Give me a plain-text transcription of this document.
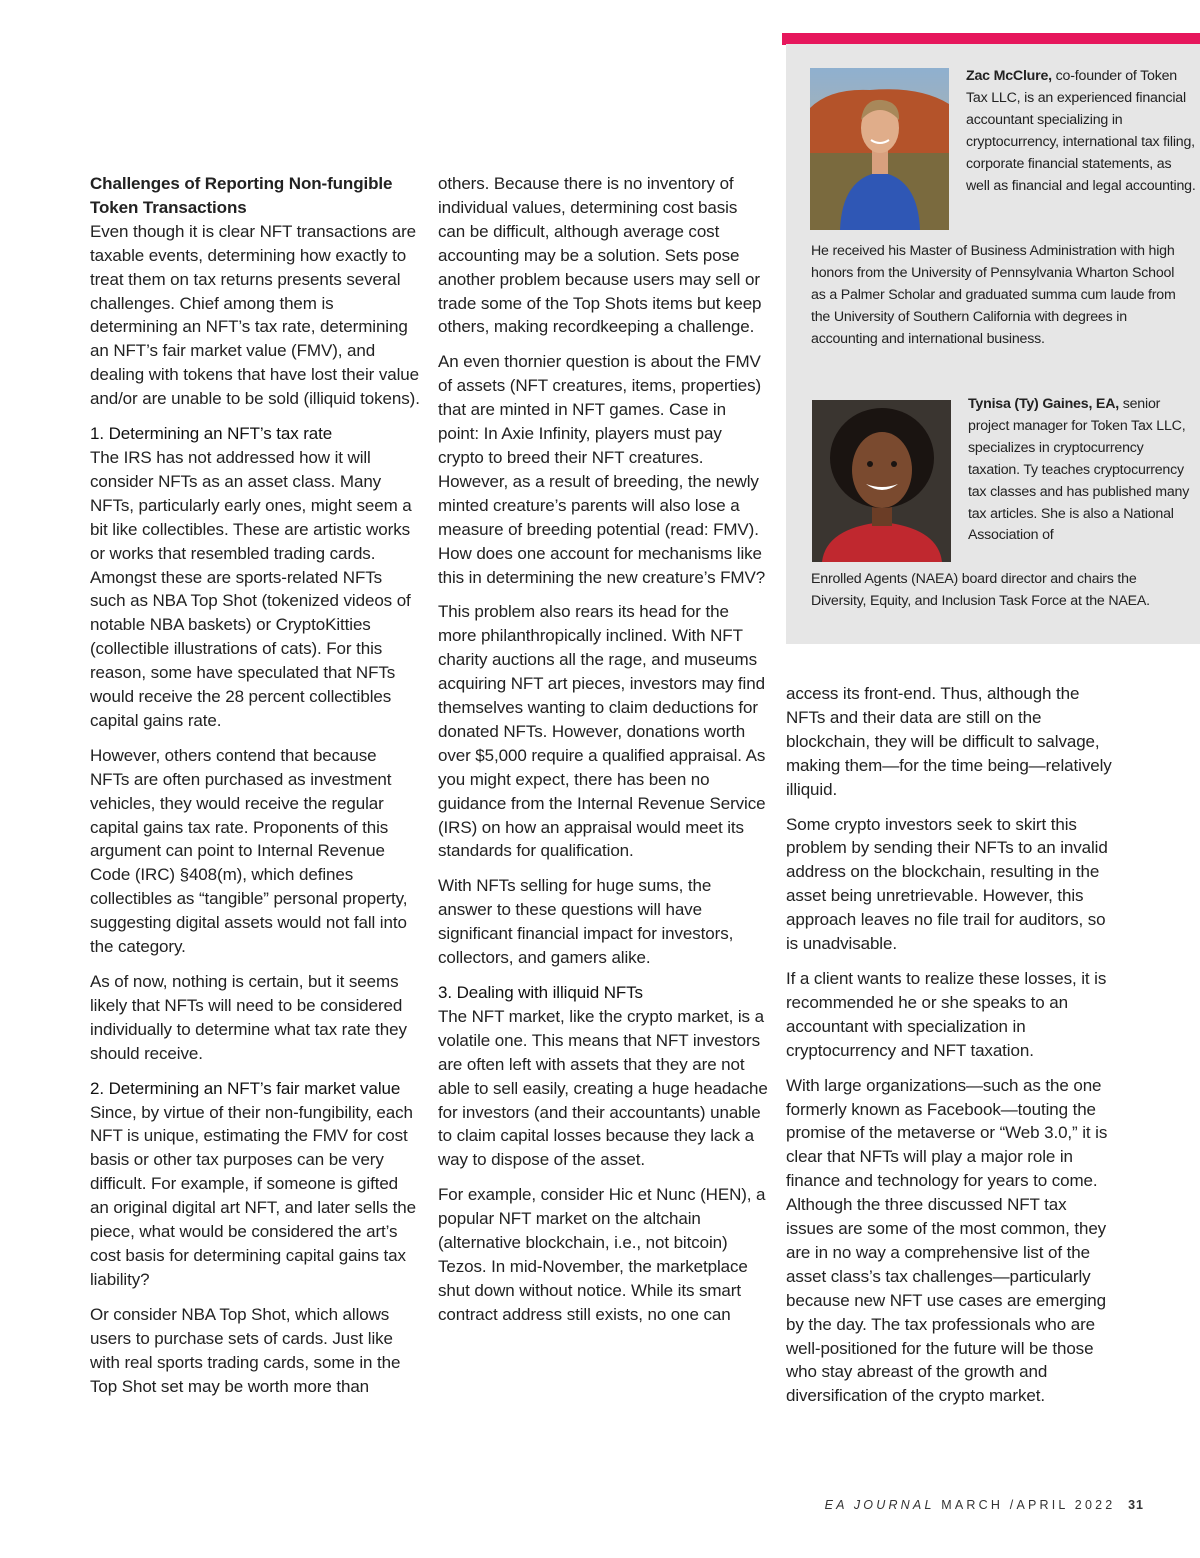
Challenges of Reporting Non-fungible Token Transactions

Even though it is clear NFT transactions are taxable events, determining how exactly to treat them on tax returns presents several challenges. Chief among them is determining an NFT’s tax rate, determining an NFT’s fair market value (FMV), and dealing with tokens that have lost their value and/or are unable to be sold (illiquid tokens).

1. Determining an NFT’s tax rate

The IRS has not addressed how it will consider NFTs as an asset class. Many NFTs, particularly early ones, might seem a bit like collectibles. These are artistic works or works that resembled trading cards. Amongst these are sports-related NFTs such as NBA Top Shot (tokenized videos of notable NBA baskets) or CryptoKitties (collectible illustrations of cats). For this reason, some have speculated that NFTs would receive the 28 percent collectibles capital gains rate.

However, others contend that because NFTs are often purchased as investment vehicles, they would receive the regular capital gains tax rate. Proponents of this argument can point to Internal Revenue Code (IRC) §408(m), which defines collectibles as “tangible” personal property, suggesting digital assets would not fall into the category.

As of now, nothing is certain, but it seems likely that NFTs will need to be considered individually to determine what tax rate they should receive.

2. Determining an NFT’s fair market value

Since, by virtue of their non-fungibility, each NFT is unique, estimating the FMV for cost basis or other tax purposes can be very difficult. For example, if someone is gifted an original digital art NFT, and later sells the piece, what would be considered the art’s cost basis for determining capital gains tax liability?

Or consider NBA Top Shot, which allows users to purchase sets of cards. Just like with real sports trading cards, some in the Top Shot set may be worth more than

others. Because there is no inventory of individual values, determining cost basis can be difficult, although average cost accounting may be a solution. Sets pose another problem because users may sell or trade some of the Top Shots items but keep others, making recordkeeping a challenge.

An even thornier question is about the FMV of assets (NFT creatures, items, properties) that are minted in NFT games. Case in point: In Axie Infinity, players must pay crypto to breed their NFT creatures. However, as a result of breeding, the newly minted creature’s parents will also lose a measure of breeding potential (read: FMV). How does one account for mechanisms like this in determining the new creature’s FMV?

This problem also rears its head for the more philanthropically inclined. With NFT charity auctions all the rage, and museums acquiring NFT art pieces, investors may find themselves wanting to claim deductions for donated NFTs. However, donations worth over $5,000 require a qualified appraisal. As you might expect, there has been no guidance from the Internal Revenue Service (IRS) on how an appraisal would meet its standards for qualification.

With NFTs selling for huge sums, the answer to these questions will have significant financial impact for investors, collectors, and gamers alike.

3. Dealing with illiquid NFTs

The NFT market, like the crypto market, is a volatile one. This means that NFT investors are often left with assets that they are not able to sell easily, creating a huge headache for investors (and their accountants) unable to claim capital losses because they lack a way to dispose of the asset.

For example, consider Hic et Nunc (HEN), a popular NFT market on the altchain (alternative blockchain, i.e., not bitcoin) Tezos. In mid-November, the marketplace shut down without notice. While its smart contract address still exists, no one can

Zac McClure, co-founder of Token Tax LLC, is an experienced financial accountant specializing in cryptocurrency, international tax filing, corporate financial statements, as well as financial and legal accounting.
He received his Master of Business Administration with high honors from the University of Pennsylvania Wharton School as a Palmer Scholar and graduated summa cum laude from the University of Southern California with degrees in accounting and international business.
Tynisa (Ty) Gaines, EA, senior project manager for Token Tax LLC, specializes in cryptocurrency taxation. Ty teaches cryptocurrency tax classes and has published many tax articles. She is also a National Association of
Enrolled Agents (NAEA) board director and chairs the Diversity, Equity, and Inclusion Task Force at the NAEA.

access its front-end. Thus, although the NFTs and their data are still on the blockchain, they will be difficult to salvage, making them—for the time being—relatively illiquid.

Some crypto investors seek to skirt this problem by sending their NFTs to an invalid address on the blockchain, resulting in the asset being unretrievable. However, this approach leaves no file trail for auditors, so is unadvisable.

If a client wants to realize these losses, it is recommended he or she speaks to an accountant with specialization in cryptocurrency and NFT taxation.

With large organizations—such as the one formerly known as Facebook—touting the promise of the metaverse or “Web 3.0,” it is clear that NFTs will play a major role in finance and technology for years to come. Although the three discussed NFT tax issues are some of the most common, they are in no way a comprehensive list of the asset class’s tax challenges—particularly because new NFT use cases are emerging by the day. The tax professionals who are well-positioned for the future will be those who stay abreast of the growth and diversification of the crypto market.

EA JOURNAL MARCH /APRIL 2022 31
